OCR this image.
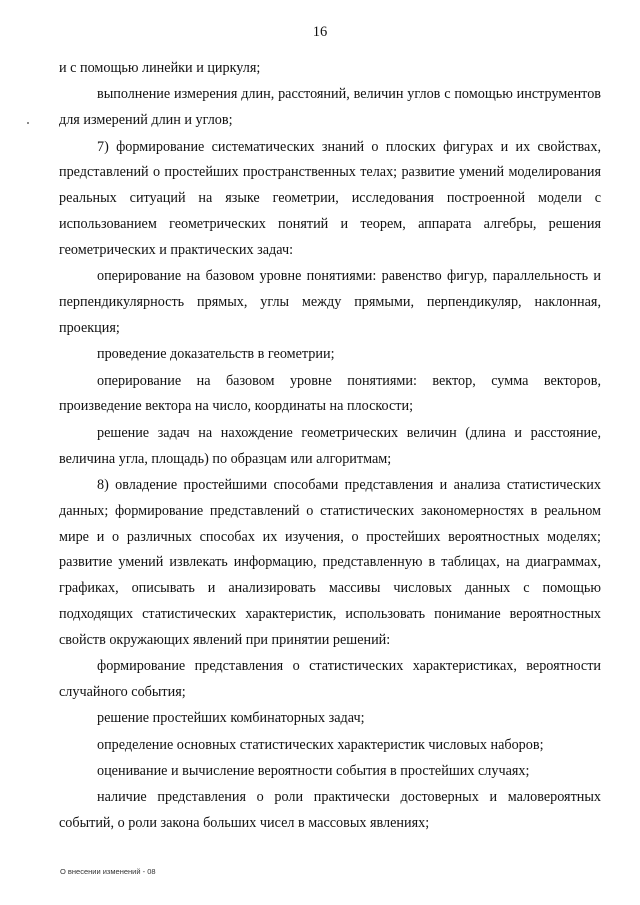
16

и с помощью линейки и циркуля;

выполнение измерения длин, расстояний, величин углов с помощью инструментов для измерений длин и углов;

7) формирование систематических знаний о плоских фигурах и их свойствах, представлений о простейших пространственных телах; развитие умений моделирования реальных ситуаций на языке геометрии, исследования построенной модели с использованием геометрических понятий и теорем, аппарата алгебры, решения геометрических и практических задач:

оперирование на базовом уровне понятиями: равенство фигур, параллельность и перпендикулярность прямых, углы между прямыми, перпендикуляр, наклонная, проекция;

проведение доказательств в геометрии;

оперирование на базовом уровне понятиями: вектор, сумма векторов, произведение вектора на число, координаты на плоскости;

решение задач на нахождение геометрических величин (длина и расстояние, величина угла, площадь) по образцам или алгоритмам;

8) овладение простейшими способами представления и анализа статистических данных; формирование представлений о статистических закономерностях в реальном мире и о различных способах их изучения, о простейших вероятностных моделях; развитие умений извлекать информацию, представленную в таблицах, на диаграммах, графиках, описывать и анализировать массивы числовых данных с помощью подходящих статистических характеристик, использовать понимание вероятностных свойств окружающих явлений при принятии решений:

формирование представления о статистических характеристиках, вероятности случайного события;

решение простейших комбинаторных задач;

определение основных статистических характеристик числовых наборов;

оценивание и вычисление вероятности события в простейших случаях;

наличие представления о роли практически достоверных и маловероятных событий, о роли закона больших чисел в массовых явлениях;

О внесении изменений - 08
